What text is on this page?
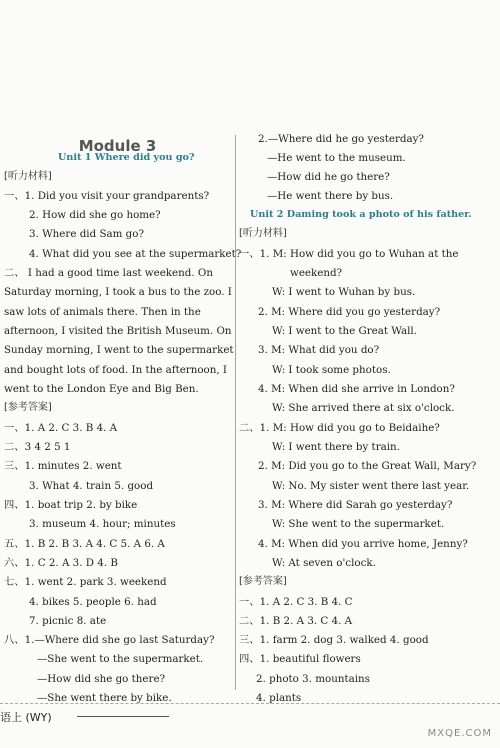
Module 3
Unit 1 Where did you go?
[听力材料]
一、1. Did you visit your grandparents?
2. How did she go home?
3. Where did Sam go?
4. What did you see at the supermarket?
二、 I had a good time last weekend. On
Saturday morning, I took a bus to the zoo. I
saw lots of animals there. Then in the
afternoon, I visited the British Museum. On
Sunday morning, I went to the supermarket
and bought lots of food. In the afternoon, I
went to the London Eye and Big Ben.
[参考答案]
一、1. A 2. C 3. B 4. A
二、3 4 2 5 1
三、1. minutes 2. went
3. What 4. train 5. good
四、1. boat trip 2. by bike
3. museum 4. hour; minutes
五、1. B 2. B 3. A 4. C 5. A 6. A
六、1. C 2. A 3. D 4. B
七、1. went 2. park 3. weekend
4. bikes 5. people 6. had
7. picnic 8. ate
八、1.—Where did she go last Saturday?
—She went to the supermarket.
—How did she go there?
—She went there by bike.
2.—Where did he go yesterday?
—He went to the museum.
—How did he go there?
—He went there by bus.
Unit 2 Daming took a photo of his father.
[听力材料]
一、1. M: How did you go to Wuhan at the
weekend?
W: I went to Wuhan by bus.
2. M: Where did you go yesterday?
W: I went to the Great Wall.
3. M: What did you do?
W: I took some photos.
4. M: When did she arrive in London?
W: She arrived there at six o'clock.
二、1. M: How did you go to Beidaihe?
W: I went there by train.
2. M: Did you go to the Great Wall, Mary?
W: No. My sister went there last year.
3. M: Where did Sarah go yesterday?
W: She went to the supermarket.
4. M: When did you arrive home, Jenny?
W: At seven o'clock.
[参考答案]
一、1. A 2. C 3. B 4. C
二、1. B 2. A 3. C 4. A
三、1. farm 2. dog 3. walked 4. good
四、1. beautiful flowers
2. photo 3. mountains
4. plants
语上 (WY)
MXQE.COM
